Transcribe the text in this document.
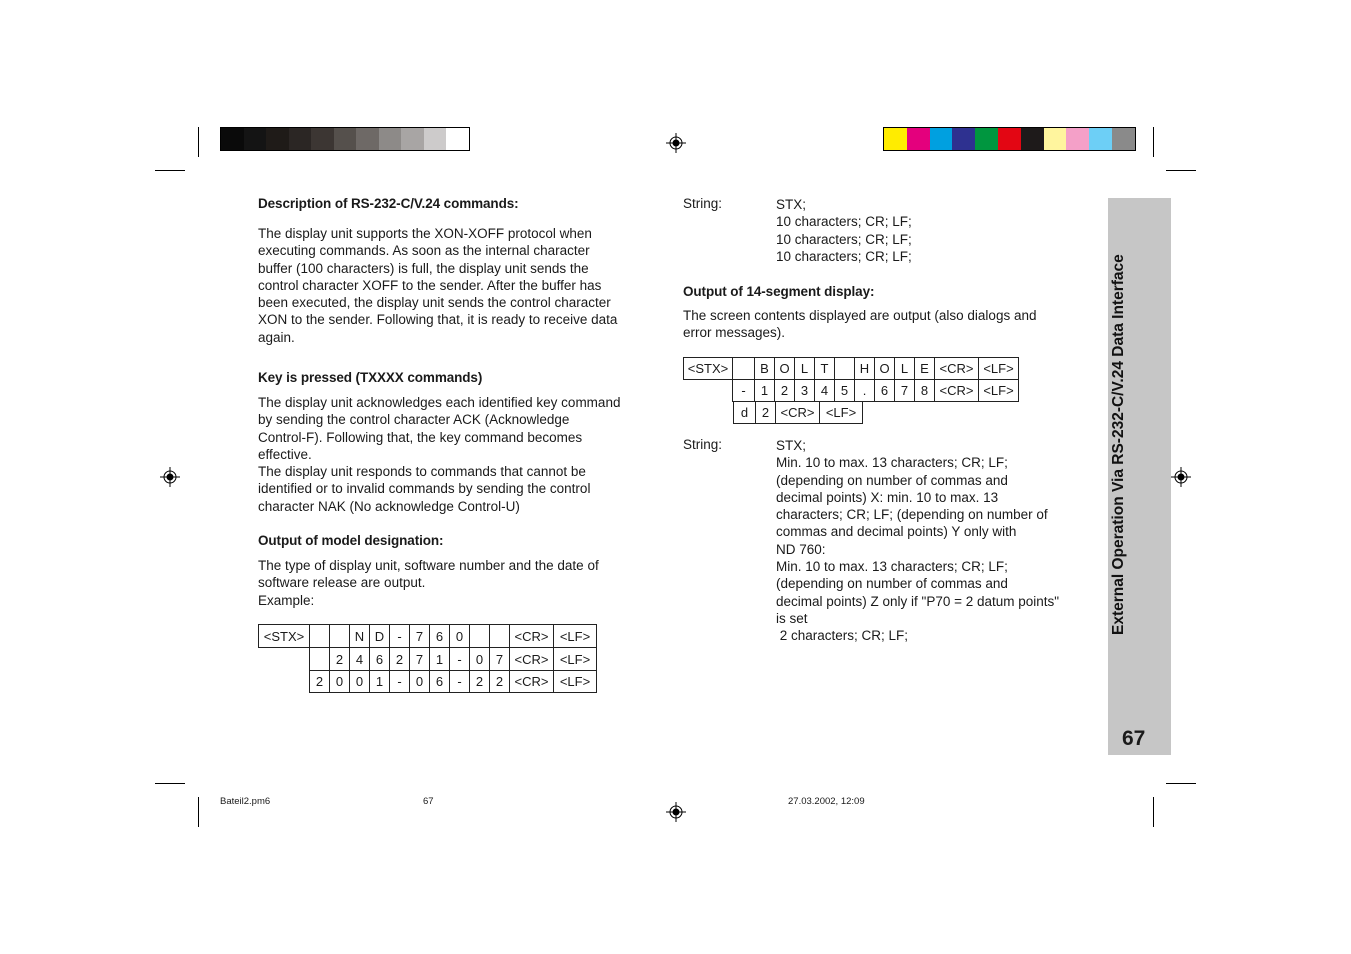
Description of RS-232-C/V.24 commands:
The display unit supports the XON-XOFF protocol when
executing commands. As soon as the internal character
buffer (100 characters) is full, the display unit sends the
control character XOFF to the sender. After the buffer has
been executed, the display unit sends the control character
XON to the sender. Following that, it is ready to receive data
again.
Key is pressed (TXXXX commands)
The display unit acknowledges each identified key command
by sending the control character ACK (Acknowledge
Control-F). Following that, the key command becomes
effective.
The display unit responds to commands that cannot be
identified or to invalid commands by sending the control
character NAK (No acknowledge Control-U)
Output of model designation:
The type of display unit, software number and the date of
software release are output.
Example:
<STX>			N	D	-	7	6	0			<CR>	<LF>
		2	4	6	2	7	1	-	0	7	<CR>	<LF>
	2	0	0	1	-	0	6	-	2	2	<CR>	<LF>
String:	STX;
10 characters; CR; LF;
10 characters; CR; LF;
10 characters; CR; LF;
Output of 14-segment display:
The screen contents displayed are output (also dialogs and
error messages).
<STX>		B	O	L	T		H	O	L	E	<CR>	<LF>
	-	1	2	3	4	5	.	6	7	8	<CR>	<LF>
d	2	<CR>	<LF>
String:	STX;
Min. 10 to max. 13 characters; CR; LF;
(depending on number of commas and
decimal points) X: min. 10 to max. 13
characters; CR; LF; (depending on number of
commas and decimal points) Y only with
ND 760:
Min. 10 to max. 13 characters; CR; LF;
(depending on number of commas and
decimal points) Z only if "P70 = 2 datum points"
is set
2 characters; CR; LF;
External Operation Via RS-232-C/V.24 Data Interface
67
Bateil2.pm6	67	27.03.2002, 12:09
